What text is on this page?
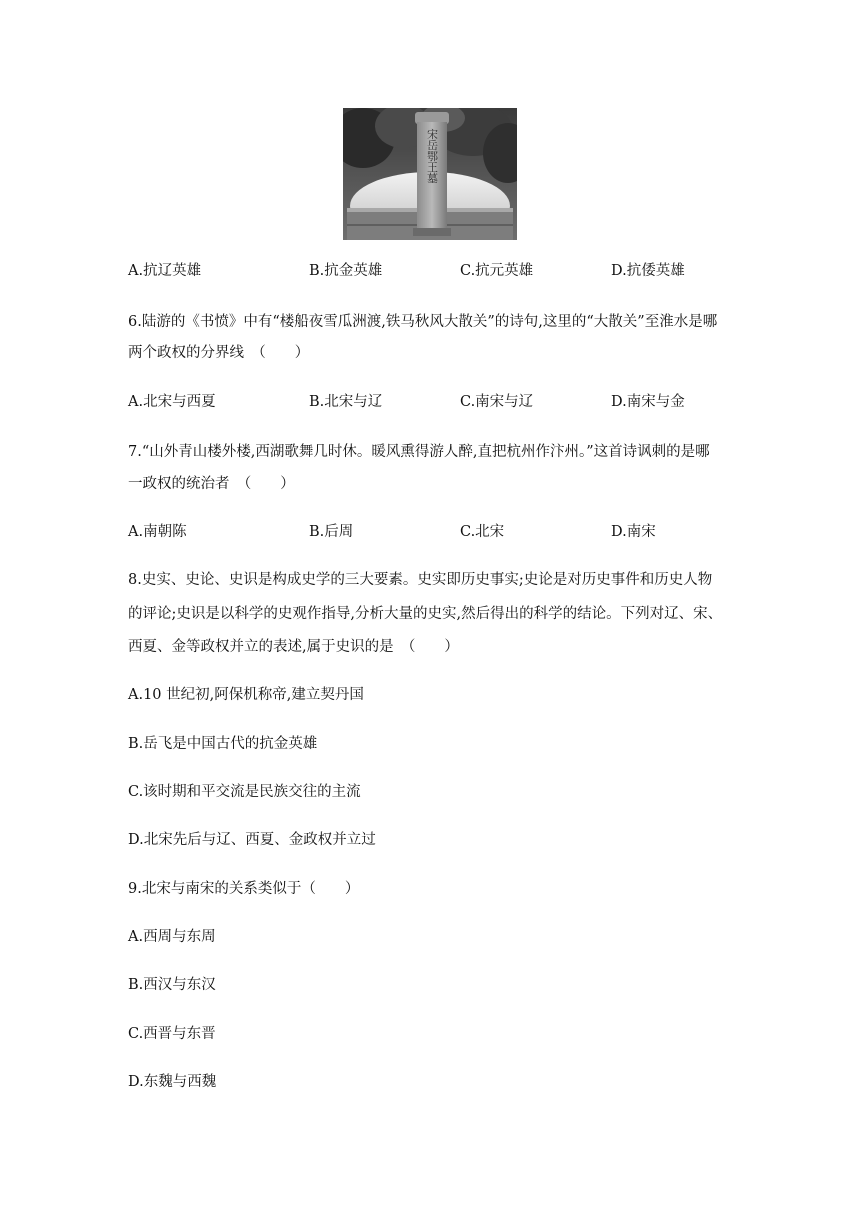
宋岳鄂王墓
A.抗辽英雄	B.抗金英雄	C.抗元英雄	D.抗倭英雄
6.陆游的《书愤》中有“楼船夜雪瓜洲渡,铁马秋风大散关”的诗句,这里的“大散关”至淮水是哪
两个政权的分界线　（　　）
A.北宋与西夏	B.北宋与辽	C.南宋与辽	D.南宋与金
7.“山外青山楼外楼,西湖歌舞几时休。暖风熏得游人醉,直把杭州作汴州。”这首诗讽刺的是哪
一政权的统治者　（　　）
A.南朝陈	B.后周	C.北宋	D.南宋
8.史实、史论、史识是构成史学的三大要素。史实即历史事实;史论是对历史事件和历史人物
的评论;史识是以科学的史观作指导,分析大量的史实,然后得出的科学的结论。下列对辽、宋、
西夏、金等政权并立的表述,属于史识的是　（　　）
A.10 世纪初,阿保机称帝,建立契丹国
B.岳飞是中国古代的抗金英雄
C.该时期和平交流是民族交往的主流
D.北宋先后与辽、西夏、金政权并立过
9.北宋与南宋的关系类似于（　　）
A.西周与东周
B.西汉与东汉
C.西晋与东晋
D.东魏与西魏
